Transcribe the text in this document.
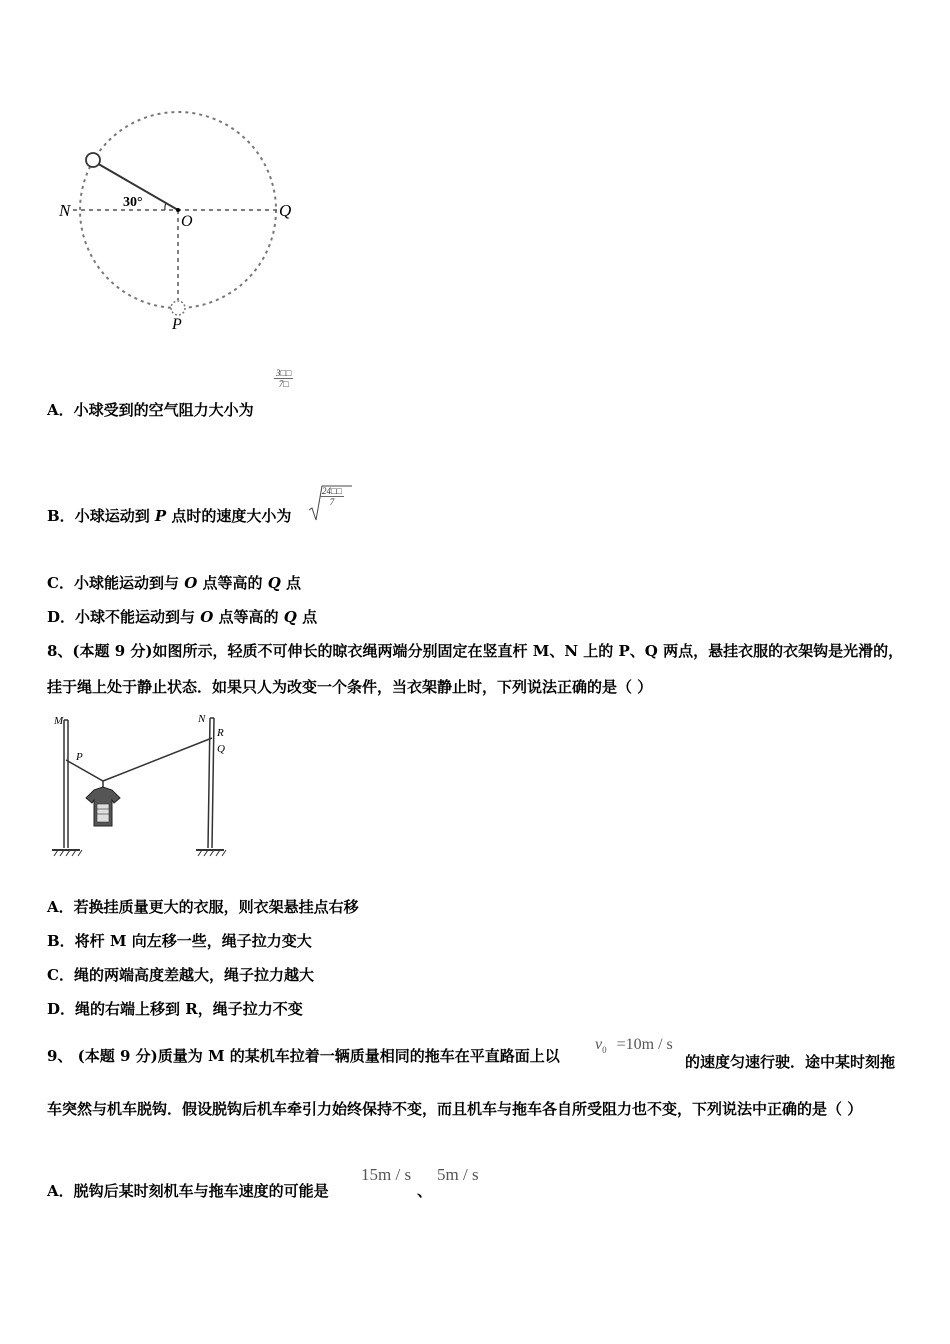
N	Q
O
P
30°
A．小球受到的空气阻力大小为
$\frac{3□□}{7□}$
B．小球运动到 P 点时的速度大小为
$\frac{24□□}{7}$
C．小球能运动到与 O 点等高的 Q 点
D．小球不能运动到与 O 点等高的 Q 点
8、(本题 9 分)如图所示，轻质不可伸长的晾衣绳两端分别固定在竖直杆 M、N 上的 P、Q 两点，悬挂衣服的衣架钩是光滑的，挂于绳上处于静止状态．如果只人为改变一个条件，当衣架静止时，下列说法正确的是（ ）
M	N
P
R
Q
A．若换挂质量更大的衣服，则衣架悬挂点右移
B．将杆 M 向左移一些，绳子拉力变大
C．绳的两端高度差越大，绳子拉力越大
D．绳的右端上移到 R，绳子拉力不变
9、 (本题 9 分)质量为 M 的某机车拉着一辆质量相同的拖车在平直路面上以
$v_0 =10m / s$
的速度匀速行驶．途中某时刻拖车突然与机车脱钩．假设脱钩后机车牵引力始终保持不变，而且机车与拖车各自所受阻力也不变，下列说法中正确的是（ ）
A．脱钩后某时刻机车与拖车速度的可能是
15m / s
、
5m / s
